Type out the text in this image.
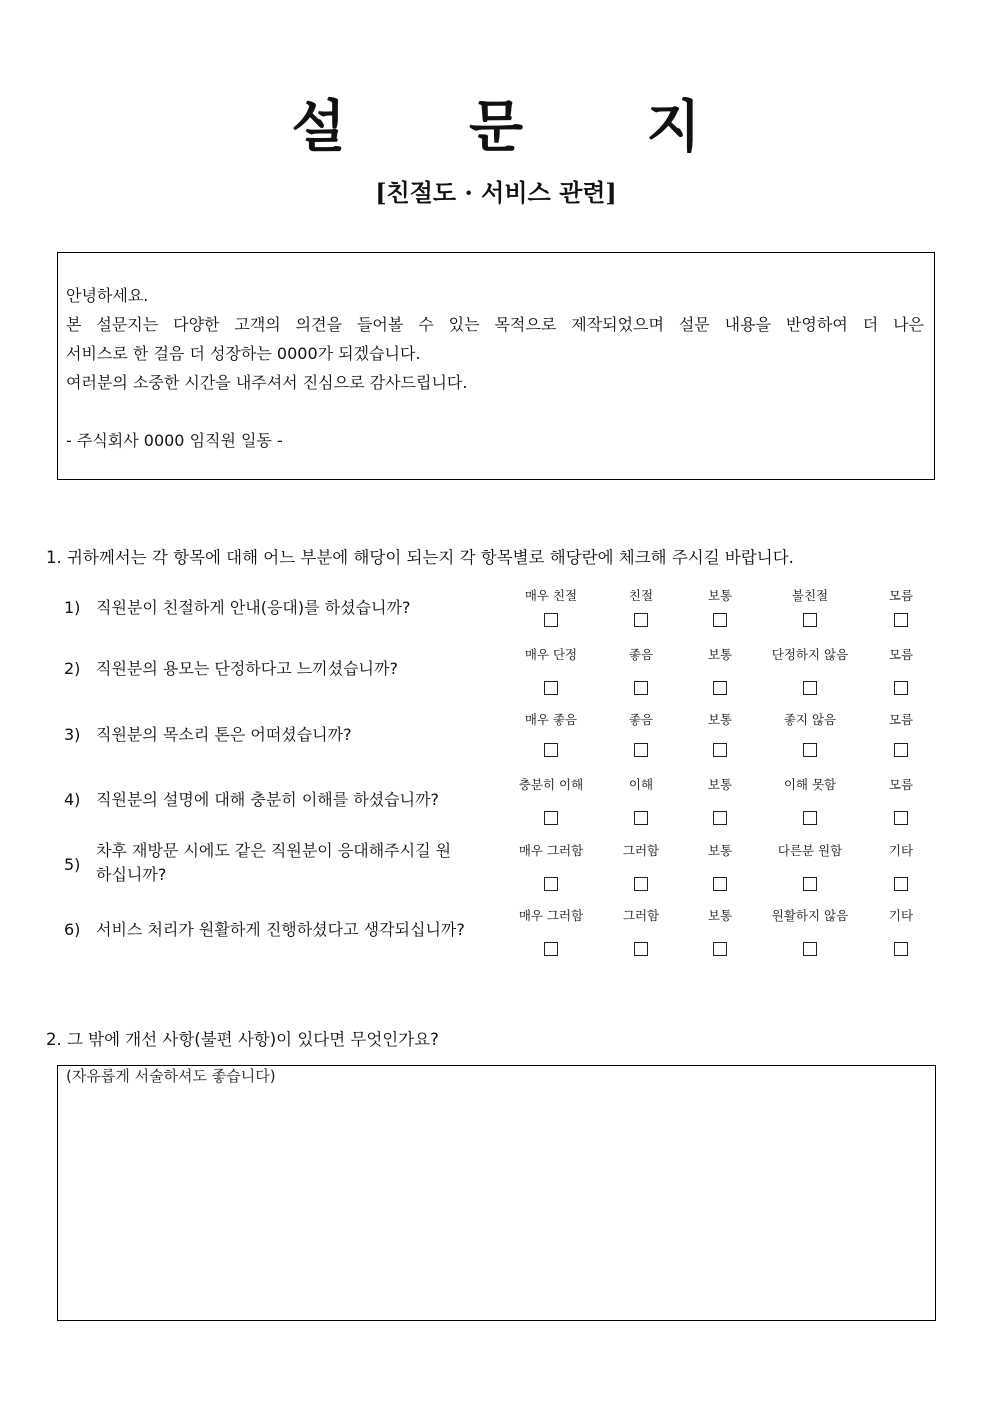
설 문 지
[친절도 · 서비스 관련]

안녕하세요.

본 설문지는 다양한 고객의 의견을 들어볼 수 있는 목적으로 제작되었으며 설문 내용을 반영하여 더 나은

서비스로 한 걸음 더 성장하는 0000가 되겠습니다.

여러분의 소중한 시간을 내주셔서 진심으로 감사드립니다.

- 주식회사 0000 임직원 일동 -

1. 귀하께서는 각 항목에 대해 어느 부분에 해당이 되는지 각 항목별로 해당란에 체크해 주시길 바랍니다.
1) 직원분이 친절하게 안내(응대)를 하셨습니까?
매우 친절	친절	보통	불친절	모름
2) 직원분의 용모는 단정하다고 느끼셨습니까?
매우 단정	좋음	보통	단정하지 않음	모름
3) 직원분의 목소리 톤은 어떠셨습니까?
매우 좋음	좋음	보통	좋지 않음	모름
4) 직원분의 설명에 대해 충분히 이해를 하셨습니까?
충분히 이해	이해	보통	이해 못함	모름
5)
차후 재방문 시에도 같은 직원분이 응대해주시길 원하십니까?
매우 그러함	그러함	보통	다른분 원함	기타
6) 서비스 처리가 원활하게 진행하셨다고 생각되십니까?
매우 그러함	그러함	보통	원활하지 않음	기타
2. 그 밖에 개선 사항(불편 사항)이 있다면 무엇인가요?
(자유롭게 서술하셔도 좋습니다)
